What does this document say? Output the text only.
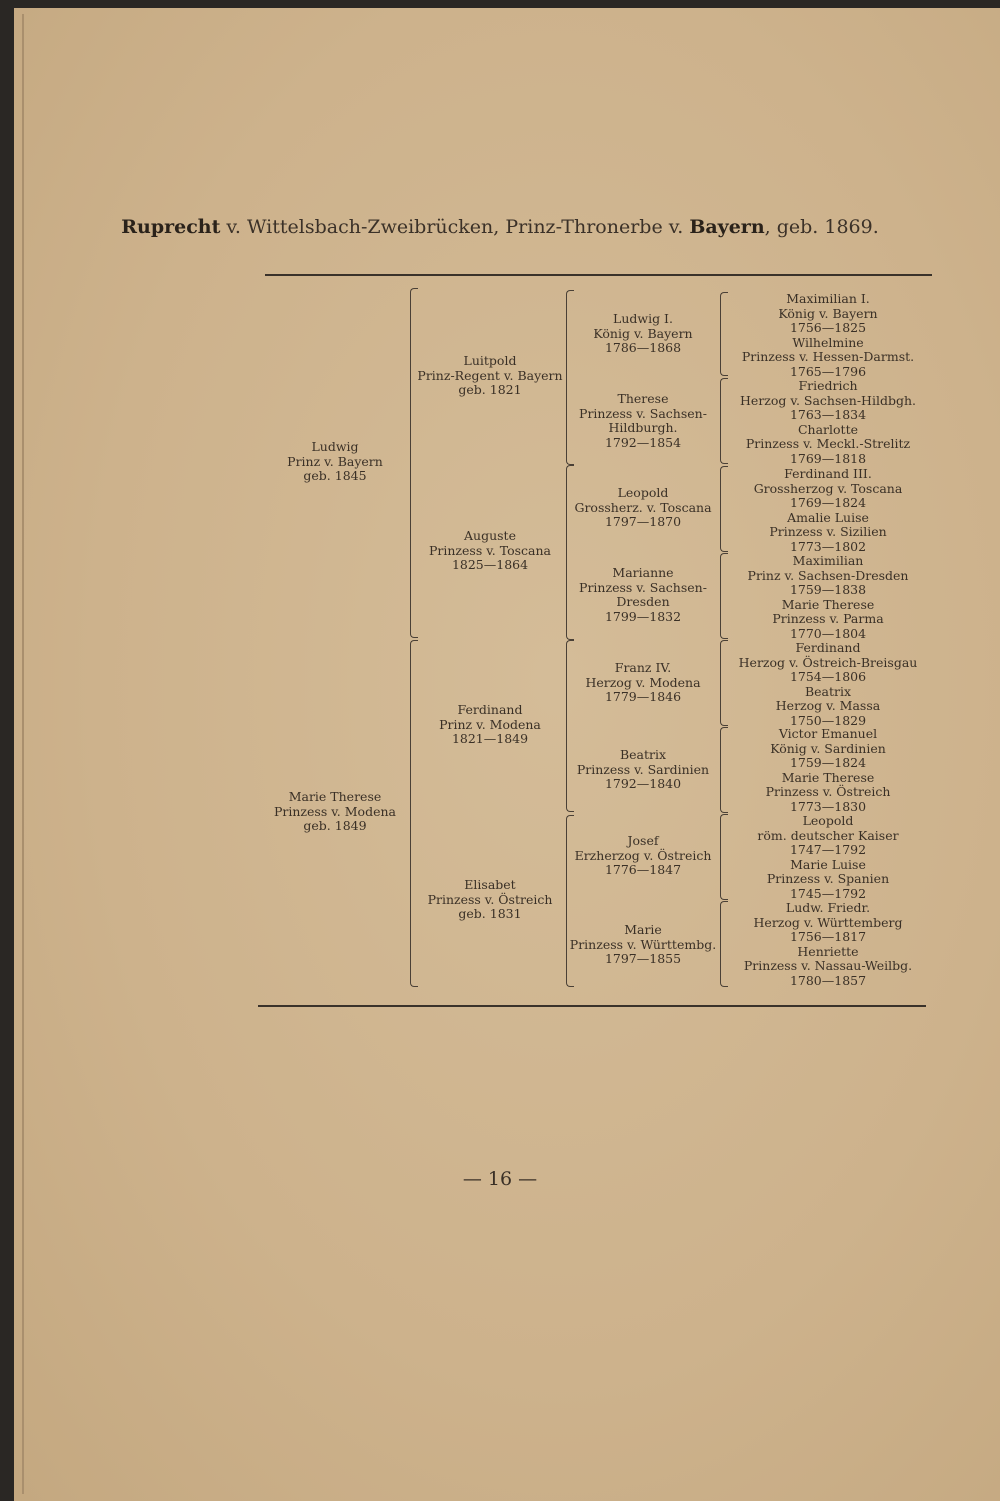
Ruprecht v. Wittelsbach-Zweibrücken, Prinz-Thronerbe v. Bayern, geb. 1869.
Ludwig
Prinz v. Bayern
geb. 1845
Marie Therese
Prinzess v. Modena
geb. 1849
Luitpold
Prinz-Regent v. Bayern
geb. 1821
Auguste
Prinzess v. Toscana
1825—1864
Ferdinand
Prinz v. Modena
1821—1849
Elisabet
Prinzess v. Östreich
geb. 1831
Ludwig I.
König v. Bayern
1786—1868
Therese
Prinzess v. Sachsen-
Hildburgh.
1792—1854
Leopold
Grossherz. v. Toscana
1797—1870
Marianne
Prinzess v. Sachsen-
Dresden
1799—1832
Franz IV.
Herzog v. Modena
1779—1846
Beatrix
Prinzess v. Sardinien
1792—1840
Josef
Erzherzog v. Östreich
1776—1847
Marie
Prinzess v. Württembg.
1797—1855
Maximilian I.
König v. Bayern
1756—1825
Wilhelmine
Prinzess v. Hessen-Darmst.
1765—1796
Friedrich
Herzog v. Sachsen-Hildbgh.
1763—1834
Charlotte
Prinzess v. Meckl.-Strelitz
1769—1818
Ferdinand III.
Grossherzog v. Toscana
1769—1824
Amalie Luise
Prinzess v. Sizilien
1773—1802
Maximilian
Prinz v. Sachsen-Dresden
1759—1838
Marie Therese
Prinzess v. Parma
1770—1804
Ferdinand
Herzog v. Östreich-Breisgau
1754—1806
Beatrix
Herzog v. Massa
1750—1829
Victor Emanuel
König v. Sardinien
1759—1824
Marie Therese
Prinzess v. Östreich
1773—1830
Leopold
röm. deutscher Kaiser
1747—1792
Marie Luise
Prinzess v. Spanien
1745—1792
Ludw. Friedr.
Herzog v. Württemberg
1756—1817
Henriette
Prinzess v. Nassau-Weilbg.
1780—1857
— 16 —
